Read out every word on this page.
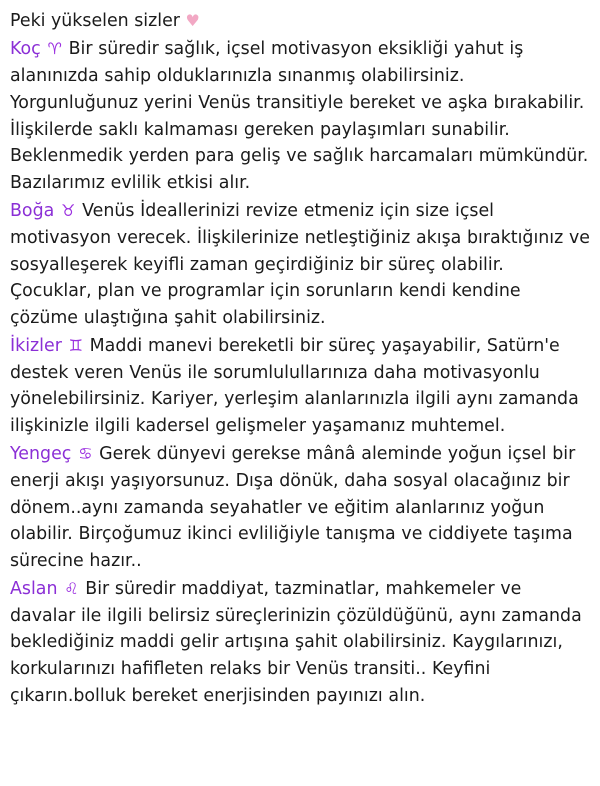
Peki yükselen sizler ♥

Koç ♈ Bir süredir sağlık, içsel motivasyon eksikliği yahut iş alanınızda sahip olduklarınızla sınanmış olabilirsiniz. Yorgunluğunuz yerini Venüs transitiyle bereket ve aşka bırakabilir. İlişkilerde saklı kalmaması gereken paylaşımları sunabilir. Beklenmedik yerden para geliş ve sağlık harcamaları mümkündür. Bazılarımız evlilik etkisi alır.

Boğa ♉ Venüs İdeallerinizi revize etmeniz için size içsel motivasyon verecek. İlişkilerinize netleştiğiniz akışa bıraktığınız ve sosyalleşerek keyifli zaman geçirdiğiniz bir süreç olabilir. Çocuklar, plan ve programlar için sorunların kendi kendine çözüme ulaştığına şahit olabilirsiniz.

İkizler ♊ Maddi manevi bereketli bir süreç yaşayabilir, Satürn'e destek veren Venüs ile sorumlulullarınıza daha motivasyonlu yönelebilirsiniz. Kariyer, yerleşim alanlarınızla ilgili aynı zamanda ilişkinizle ilgili kadersel gelişmeler yaşamanız muhtemel.

Yengeç ♋ Gerek dünyevi gerekse mânâ aleminde yoğun içsel bir enerji akışı yaşıyorsunuz. Dışa dönük, daha sosyal olacağınız bir dönem..aynı zamanda seyahatler ve eğitim alanlarınız yoğun olabilir. Birçoğumuz ikinci evliliğiyle tanışma ve ciddiyete taşıma sürecine hazır..

Aslan ♌ Bir süredir maddiyat, tazminatlar, mahkemeler ve davalar ile ilgili belirsiz süreçlerinizin çözüldüğünü, aynı zamanda beklediğiniz maddi gelir artışına şahit olabilirsiniz. Kaygılarınızı, korkularınızı hafifleten relaks bir Venüs transiti.. Keyfini çıkarın.bolluk bereket enerjisinden payınızı alın.
